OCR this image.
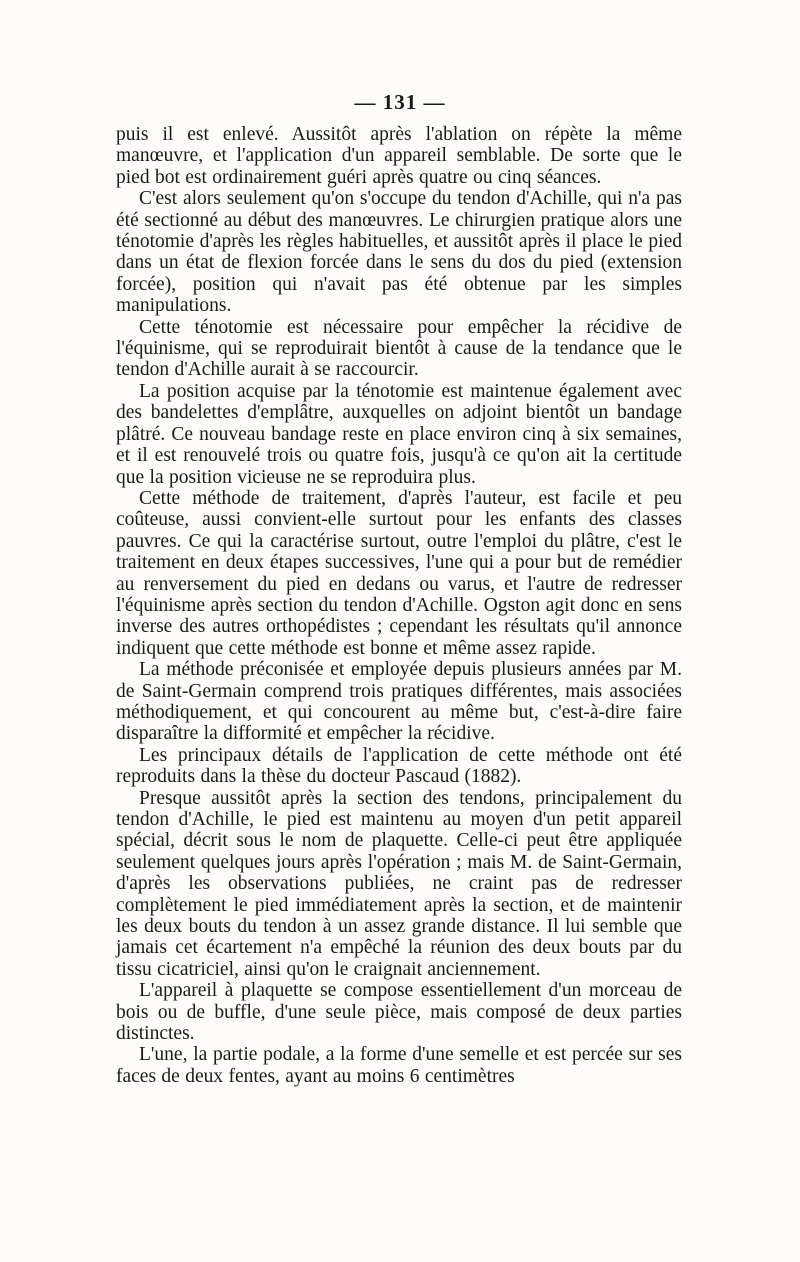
— 131 —

puis il est enlevé. Aussitôt après l'ablation on répète la même manœuvre, et l'application d'un appareil semblable. De sorte que le pied bot est ordinairement guéri après quatre ou cinq séances.

C'est alors seulement qu'on s'occupe du tendon d'Achille, qui n'a pas été sectionné au début des manœuvres. Le chirurgien pratique alors une ténotomie d'après les règles habituelles, et aussitôt après il place le pied dans un état de flexion forcée dans le sens du dos du pied (extension forcée), position qui n'avait pas été obtenue par les simples manipulations.

Cette ténotomie est nécessaire pour empêcher la récidive de l'équinisme, qui se reproduirait bientôt à cause de la tendance que le tendon d'Achille aurait à se raccourcir.

La position acquise par la ténotomie est maintenue également avec des bandelettes d'emplâtre, auxquelles on adjoint bientôt un bandage plâtré. Ce nouveau bandage reste en place environ cinq à six semaines, et il est renouvelé trois ou quatre fois, jusqu'à ce qu'on ait la certitude que la position vicieuse ne se reproduira plus.

Cette méthode de traitement, d'après l'auteur, est facile et peu coûteuse, aussi convient-elle surtout pour les enfants des classes pauvres. Ce qui la caractérise surtout, outre l'emploi du plâtre, c'est le traitement en deux étapes successives, l'une qui a pour but de remédier au renversement du pied en dedans ou varus, et l'autre de redresser l'équinisme après section du tendon d'Achille. Ogston agit donc en sens inverse des autres orthopédistes ; cependant les résultats qu'il annonce indiquent que cette méthode est bonne et même assez rapide.

La méthode préconisée et employée depuis plusieurs années par M. de Saint-Germain comprend trois pratiques différentes, mais associées méthodiquement, et qui concourent au même but, c'est-à-dire faire disparaître la difformité et empêcher la récidive.

Les principaux détails de l'application de cette méthode ont été reproduits dans la thèse du docteur Pascaud (1882).

Presque aussitôt après la section des tendons, principalement du tendon d'Achille, le pied est maintenu au moyen d'un petit appareil spécial, décrit sous le nom de plaquette. Celle-ci peut être appliquée seulement quelques jours après l'opération ; mais M. de Saint-Germain, d'après les observations publiées, ne craint pas de redresser complètement le pied immédiatement après la section, et de maintenir les deux bouts du tendon à un assez grande distance. Il lui semble que jamais cet écartement n'a empêché la réunion des deux bouts par du tissu cicatriciel, ainsi qu'on le craignait anciennement.

L'appareil à plaquette se compose essentiellement d'un morceau de bois ou de buffle, d'une seule pièce, mais composé de deux parties distinctes.

L'une, la partie podale, a la forme d'une semelle et est percée sur ses faces de deux fentes, ayant au moins 6 centimètres
